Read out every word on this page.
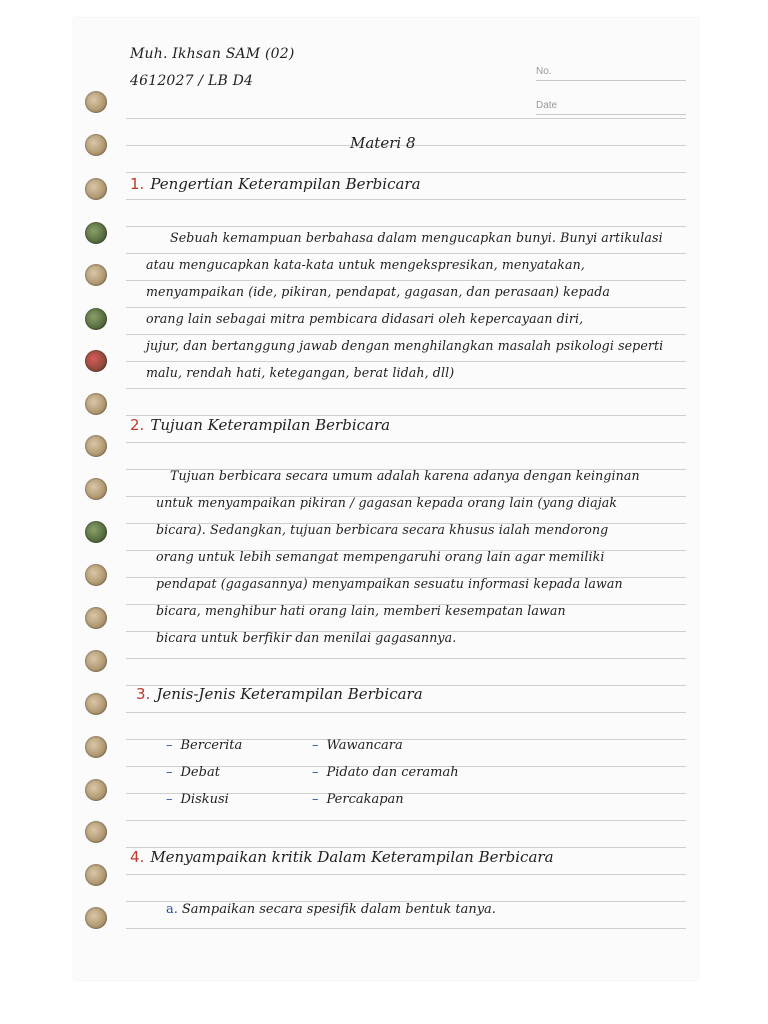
No.
Date
Muh. Ikhsan SAM (02)
4612027 / LB D4
Materi 8
1. Pengertian Keterampilan Berbicara
Sebuah kemampuan berbahasa dalam mengucapkan bunyi. Bunyi artikulasi
atau mengucapkan kata-kata untuk mengekspresikan, menyatakan,
menyampaikan (ide, pikiran, pendapat, gagasan, dan perasaan) kepada
orang lain sebagai mitra pembicara didasari oleh kepercayaan diri,
jujur, dan bertanggung jawab dengan menghilangkan masalah psikologi seperti
malu, rendah hati, ketegangan, berat lidah, dll)
2. Tujuan Keterampilan Berbicara
Tujuan berbicara secara umum adalah karena adanya dengan keinginan
untuk menyampaikan pikiran / gagasan kepada orang lain (yang diajak
bicara). Sedangkan, tujuan berbicara secara khusus ialah mendorong
orang untuk lebih semangat mempengaruhi orang lain agar memiliki
pendapat (gagasannya) menyampaikan sesuatu informasi kepada lawan
bicara, menghibur hati orang lain, memberi kesempatan lawan
bicara untuk berfikir dan menilai gagasannya.
3. Jenis-Jenis Keterampilan Berbicara
– Bercerita
– Debat
– Diskusi
– Wawancara
– Pidato dan ceramah
– Percakapan
4. Menyampaikan kritik Dalam Keterampilan Berbicara
a. Sampaikan secara spesifik dalam bentuk tanya.
